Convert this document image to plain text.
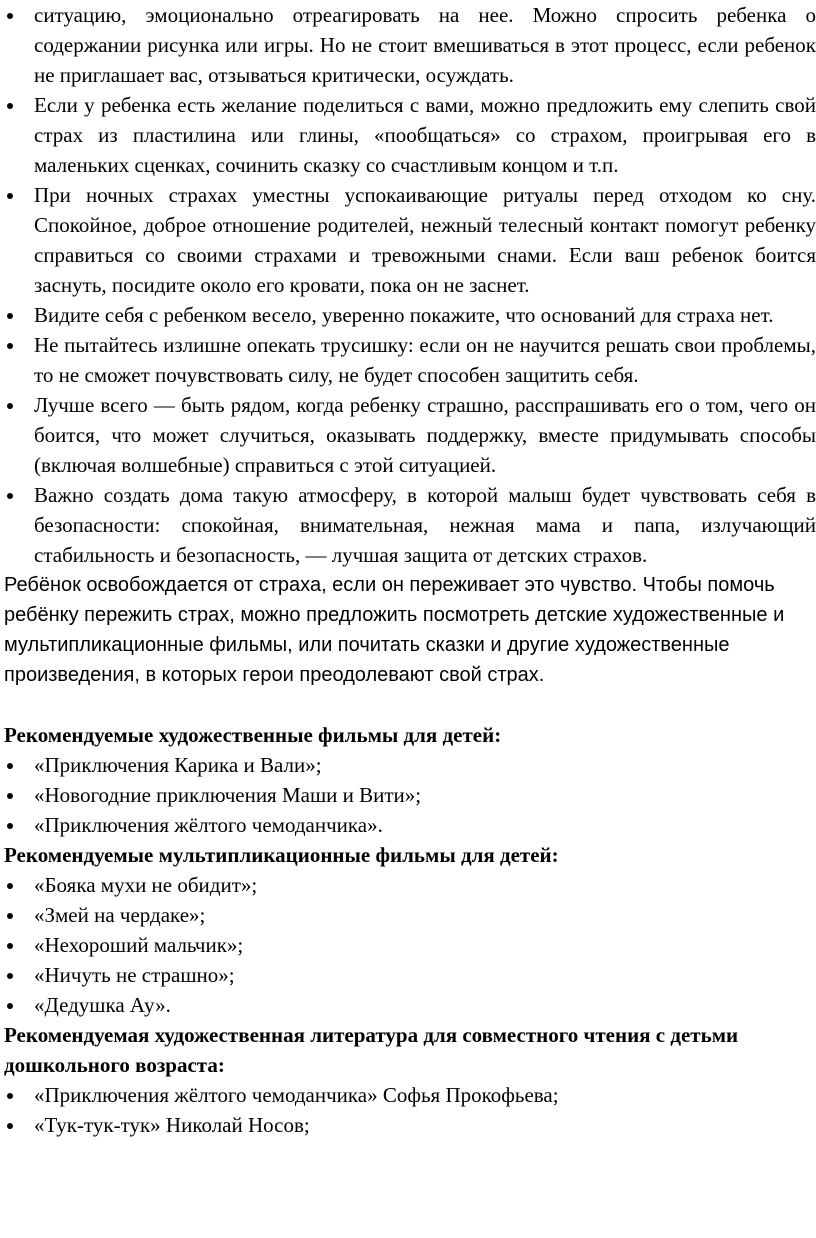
ситуацию, эмоционально отреагировать на нее. Можно спросить ребенка о содержании рисунка или игры. Но не стоит вмешиваться в этот процесс, если ребенок не приглашает вас, отзываться критически, осуждать.
Если у ребенка есть желание поделиться с вами, можно предложить ему слепить свой страх из пластилина или глины, «пообщаться» со страхом, проигрывая его в маленьких сценках, сочинить сказку со счастливым концом и т.п.
При ночных страхах уместны успокаивающие ритуалы перед отходом ко сну. Спокойное, доброе отношение родителей, нежный телесный контакт помогут ребенку справиться со своими страхами и тревожными снами. Если ваш ребенок боится заснуть, посидите около его кровати, пока он не заснет.
Видите себя с ребенком весело, уверенно покажите, что оснований для страха нет.
Не пытайтесь излишне опекать трусишку: если он не научится решать свои проблемы, то не сможет почувствовать силу, не будет способен защитить себя.
Лучше всего — быть рядом, когда ребенку страшно, расспрашивать его о том, чего он боится, что может случиться, оказывать поддержку, вместе придумывать способы (включая волшебные) справиться с этой ситуацией.
Важно создать дома такую атмосферу, в которой малыш будет чувствовать себя в безопасности: спокойная, внимательная, нежная мама и папа, излучающий стабильность и безопасность, — лучшая защита от детских страхов.

Ребёнок освобождается от страха, если он переживает это чувство. Чтобы помочь ребёнку пережить страх, можно предложить посмотреть детские художественные и мультипликационные фильмы, или почитать сказки и другие художественные произведения, в которых герои преодолевают свой страх.

Рекомендуемые художественные фильмы для детей:

«Приключения Карика и Вали»;
«Новогодние приключения Маши и Вити»;
«Приключения жёлтого чемоданчика».

Рекомендуемые мультипликационные фильмы для детей:

«Бояка мухи не обидит»;
«Змей на чердаке»;
«Нехороший мальчик»;
«Ничуть не страшно»;
«Дедушка Ау».

Рекомендуемая художественная литература для совместного чтения с детьми дошкольного возраста:

«Приключения жёлтого чемоданчика» Софья Прокофьева;
«Тук-тук-тук» Николай Носов;
